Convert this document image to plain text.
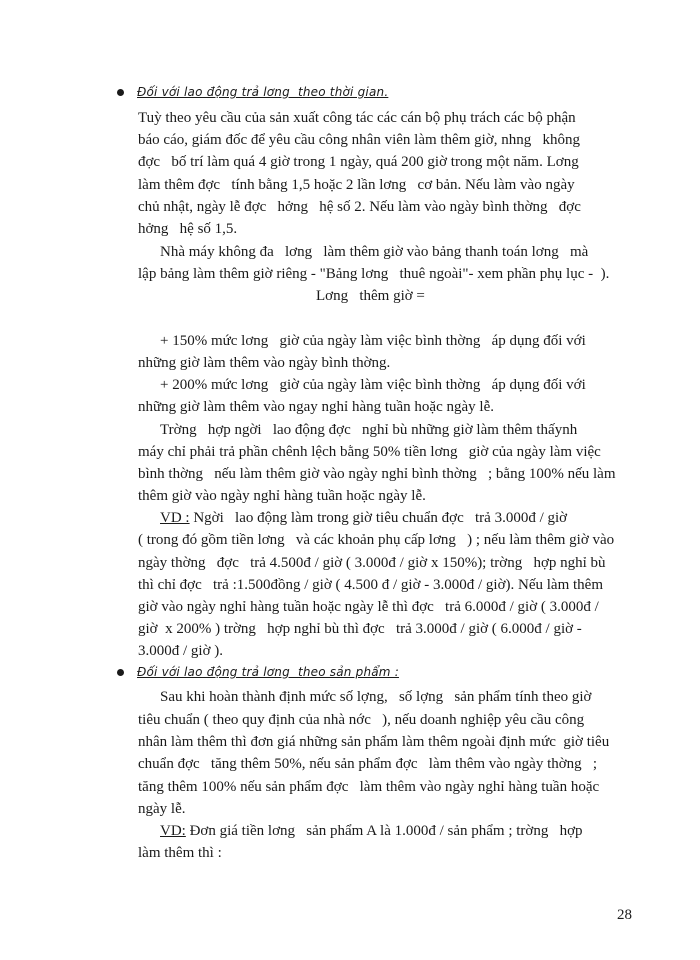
Đối với lao động trả lơng  theo thời gian.
Tuỳ theo yêu cầu của sản xuất công tác các cán bộ phụ trách các bộ phận
báo cáo, giám đốc để yêu cầu công nhân viên làm thêm giờ, nhng   không
đợc   bố trí làm quá 4 giờ trong 1 ngày, quá 200 giờ trong một năm. Lơng
làm thêm đợc   tính bằng 1,5 hoặc 2 lần lơng   cơ bản. Nếu làm vào ngày
chủ nhật, ngày lễ đợc   hởng   hệ số 2. Nếu làm vào ngày bình thờng   đợc
hởng   hệ số 1,5.
Nhà máy không đa   lơng   làm thêm giờ vào bảng thanh toán lơng   mà
lập bảng làm thêm giờ riêng - "Bảng lơng   thuê ngoài"- xem phần phụ lục -  ).
Lơng   thêm giờ =
+ 150% mức lơng   giờ của ngày làm việc bình thờng   áp dụng đối với
những giờ làm thêm vào ngày bình thờng.
+ 200% mức lơng   giờ của ngày làm việc bình thờng   áp dụng đối với
những giờ làm thêm vào ngay nghỉ hàng tuần hoặc ngày lễ.
Trờng   hợp ngời   lao động đợc   nghỉ bù những giờ làm thêm thấynh
máy chỉ phải trả phần chênh lệch bằng 50% tiền lơng   giờ của ngày làm việc
bình thờng   nếu làm thêm giờ vào ngày nghỉ bình thờng   ; bằng 100% nếu làm
thêm giờ vào ngày nghỉ hàng tuần hoặc ngày lễ.
VD : Ngời   lao động làm trong giờ tiêu chuẩn đợc   trả 3.000đ / giờ
( trong đó gồm tiền lơng   và các khoản phụ cấp lơng   ) ; nếu làm thêm giờ vào
ngày thờng   đợc   trả 4.500đ / giờ ( 3.000đ / giờ x 150%); trờng   hợp nghỉ bù
thì chỉ đợc   trả :1.500đồng / giờ ( 4.500 đ / giờ - 3.000đ / giờ). Nếu làm thêm
giờ vào ngày nghỉ hàng tuần hoặc ngày lễ thì đợc   trả 6.000đ / giờ ( 3.000đ /
giờ  x 200% ) trờng   hợp nghỉ bù thì đợc   trả 3.000đ / giờ ( 6.000đ / giờ -
3.000đ / giờ ).
Đối với lao động trả lơng  theo sản phẩm :
Sau khi hoàn thành định mức số lợng,   số lợng   sản phẩm tính theo giờ
tiêu chuẩn ( theo quy định của nhà nớc   ), nếu doanh nghiệp yêu cầu công
nhân làm thêm thì đơn giá những sản phẩm làm thêm ngoài định mức  giờ tiêu
chuẩn đợc   tăng thêm 50%, nếu sản phẩm đợc   làm thêm vào ngày thờng   ;
tăng thêm 100% nếu sản phẩm đợc   làm thêm vào ngày nghỉ hàng tuần hoặc
ngày lễ.
VD: Đơn giá tiền lơng   sản phẩm A là 1.000đ / sản phẩm ; trờng   hợp
làm thêm thì :
28
